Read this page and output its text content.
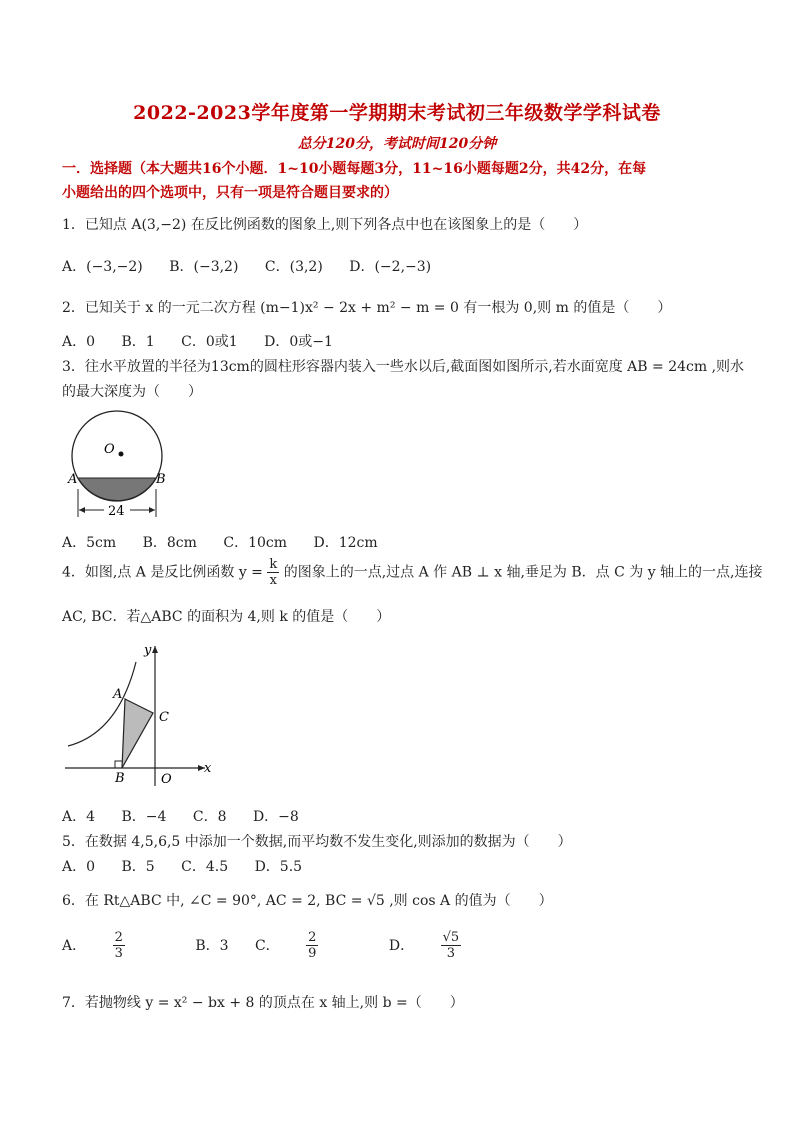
2022-2023学年度第一学期期末考试初三年级数学学科试卷
总分120分，考试时间120分钟
一．选择题（本大题共16个小题．1~10小题每题3分，11~16小题每题2分，共42分，在每
小题给出的四个选项中，只有一项是符合题目要求的）
1．已知点 A(3,−2) 在反比例函数的图象上,则下列各点中也在该图象上的是（　　）
A．(−3,−2) B．(−3,2) C．(3,2) D．(−2,−3)
2．已知关于 x 的一元二次方程 (m−1)x² − 2x + m² − m = 0 有一根为 0,则 m 的值是（　　）
A．0 B．1 C．0或1 D．0或−1
3．往水平放置的半径为13cm的圆柱形容器内装入一些水以后,截面图如图所示,若水面宽度 AB = 24cm ,则水
的最大深度为（　　）
O
A	B
24
A．5cm B．8cm C．10cm D．12cm
4．如图,点 A 是反比例函数 $y = \frac{k}{x}$ 的图象上的一点,过点 A 作 AB ⊥ x 轴,垂足为 B．点 C 为 y 轴上的一点,连接
AC, BC．若△ABC 的面积为 4,则 k 的值是（　　）
y
x
A
B
C
O
A．4 B．−4 C．8 D．−8
5．在数据 4,5,6,5 中添加一个数据,而平均数不发生变化,则添加的数据为（　　）
A．0 B．5 C．4.5 D．5.5
6．在 Rt△ABC 中, ∠C = 90°, AC = 2, BC = √5 ,则 cos A 的值为（　　）
A． $\frac{2}{3}$	B．3 C． $\frac{2}{9}$	D． $\frac{√5}{3}$
7．若抛物线 y = x² − bx + 8 的顶点在 x 轴上,则 b =（　　）
